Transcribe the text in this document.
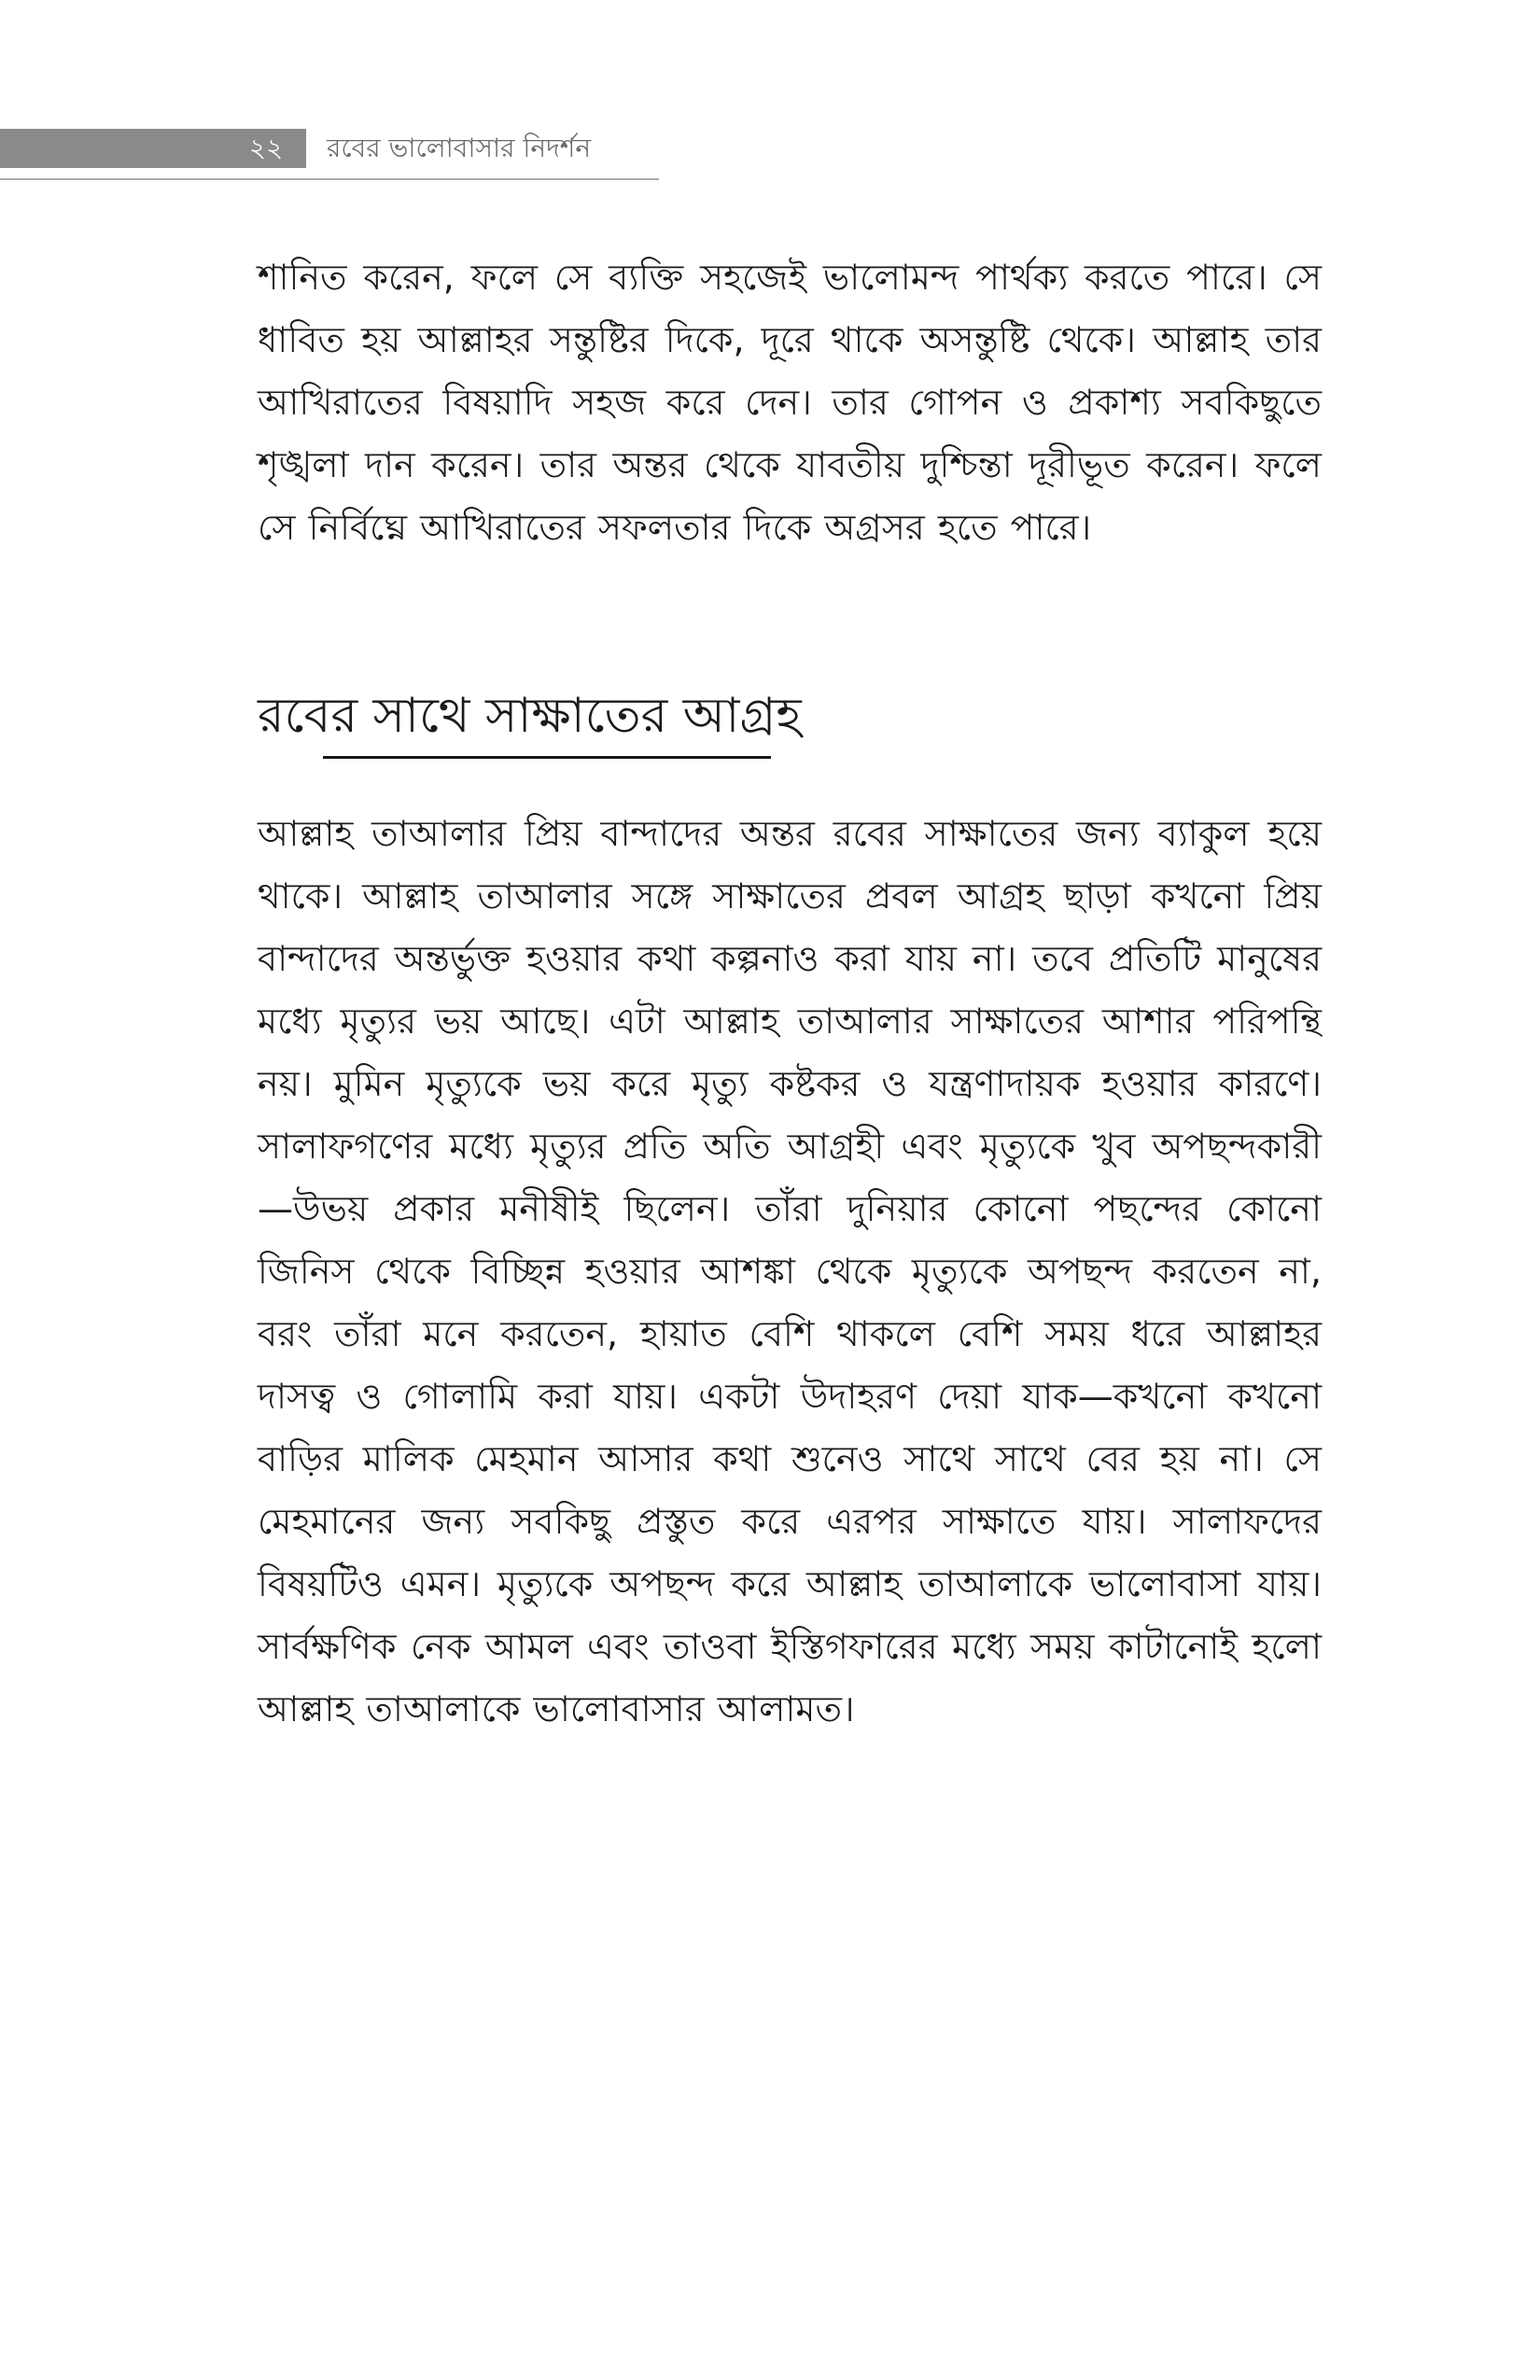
২২	রবের ভালোবাসার নিদর্শন

শানিত করেন, ফলে সে ব্যক্তি সহজেই ভালোমন্দ পার্থক্য করতে পারে। সে ধাবিত হয় আল্লাহর সন্তুষ্টির দিকে, দূরে থাকে অসন্তুষ্টি থেকে। আল্লাহ তার আখিরাতের বিষয়াদি সহজ করে দেন। তার গোপন ও প্রকাশ্য সবকিছুতে শৃঙ্খলা দান করেন। তার অন্তর থেকে যাবতীয় দুশ্চিন্তা দূরীভূত করেন। ফলে সে নির্বিঘ্নে আখিরাতের সফলতার দিকে অগ্রসর হতে পারে।

রবের সাথে সাক্ষাতের আগ্রহ

আল্লাহ তাআলার প্রিয় বান্দাদের অন্তর রবের সাক্ষাতের জন্য ব্যাকুল হয়ে থাকে। আল্লাহ তাআলার সঙ্গে সাক্ষাতের প্রবল আগ্রহ ছাড়া কখনো প্রিয় বান্দাদের অন্তর্ভুক্ত হওয়ার কথা কল্পনাও করা যায় না। তবে প্রতিটি মানুষের মধ্যে মৃত্যুর ভয় আছে। এটা আল্লাহ তাআলার সাক্ষাতের আশার পরিপন্থি নয়। মুমিন মৃত্যুকে ভয় করে মৃত্যু কষ্টকর ও যন্ত্রণাদায়ক হওয়ার কারণে। সালাফগণের মধ্যে মৃত্যুর প্রতি অতি আগ্রহী এবং মৃত্যুকে খুব অপছন্দকারী—উভয় প্রকার মনীষীই ছিলেন। তাঁরা দুনিয়ার কোনো পছন্দের কোনো জিনিস থেকে বিচ্ছিন্ন হওয়ার আশঙ্কা থেকে মৃত্যুকে অপছন্দ করতেন না, বরং তাঁরা মনে করতেন, হায়াত বেশি থাকলে বেশি সময় ধরে আল্লাহর দাসত্ব ও গোলামি করা যায়। একটা উদাহরণ দেয়া যাক—কখনো কখনো বাড়ির মালিক মেহমান আসার কথা শুনেও সাথে সাথে বের হয় না। সে মেহমানের জন্য সবকিছু প্রস্তুত করে এরপর সাক্ষাতে যায়। সালাফদের বিষয়টিও এমন। মৃত্যুকে অপছন্দ করে আল্লাহ তাআলাকে ভালোবাসা যায়। সার্বক্ষণিক নেক আমল এবং তাওবা ইস্তিগফারের মধ্যে সময় কাটানোই হলো আল্লাহ তাআলাকে ভালোবাসার আলামত।
